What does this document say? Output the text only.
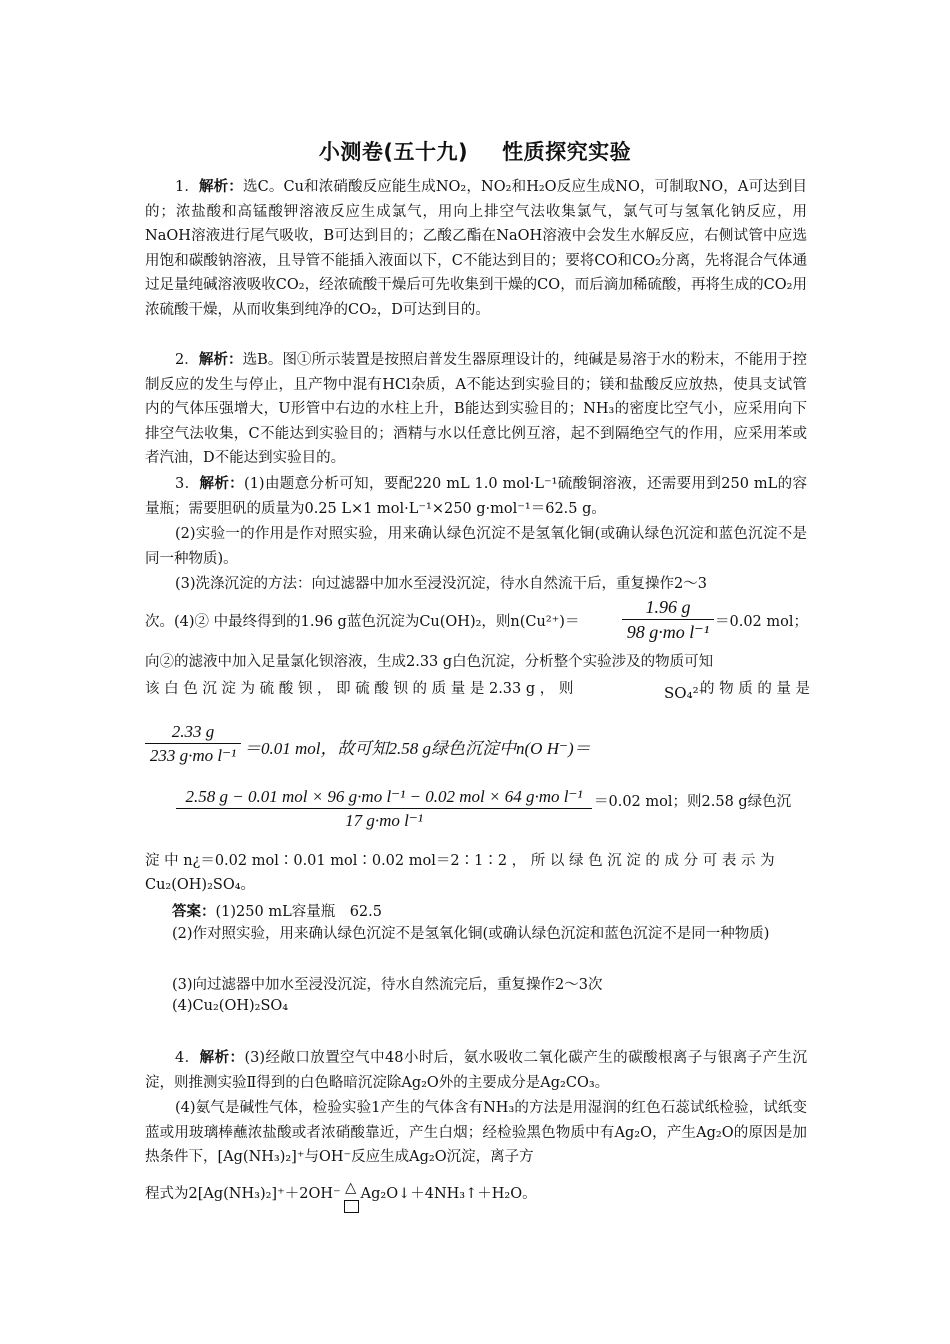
小测卷(五十九) 性质探究实验
1．解析：选C。Cu和浓硝酸反应能生成NO₂，NO₂和H₂O反应生成NO，可制取NO，A可达到目的；浓盐酸和高锰酸钾溶液反应生成氯气，用向上排空气法收集氯气，氯气可与氢氧化钠反应，用NaOH溶液进行尾气吸收，B可达到目的；乙酸乙酯在NaOH溶液中会发生水解反应，右侧试管中应选用饱和碳酸钠溶液，且导管不能插入液面以下，C不能达到目的；要将CO和CO₂分离，先将混合气体通过足量纯碱溶液吸收CO₂，经浓硫酸干燥后可先收集到干燥的CO，而后滴加稀硫酸，再将生成的CO₂用浓硫酸干燥，从而收集到纯净的CO₂，D可达到目的。
2．解析：选B。图①所示装置是按照启普发生器原理设计的，纯碱是易溶于水的粉末，不能用于控制反应的发生与停止，且产物中混有HCl杂质，A不能达到实验目的；镁和盐酸反应放热，使具支试管内的气体压强增大，U形管中右边的水柱上升，B能达到实验目的；NH₃的密度比空气小，应采用向下排空气法收集，C不能达到实验目的；酒精与水以任意比例互溶，起不到隔绝空气的作用，应采用苯或者汽油，D不能达到实验目的。
3．解析：(1)由题意分析可知，要配220 mL 1.0 mol·L⁻¹硫酸铜溶液，还需要用到250 mL的容量瓶；需要胆矾的质量为0.25 L×1 mol·L⁻¹×250 g·mol⁻¹＝62.5 g。
(2)实验一的作用是作对照实验，用来确认绿色沉淀不是氢氧化铜(或确认绿色沉淀和蓝色沉淀不是同一种物质)。
(3)洗涤沉淀的方法：向过滤器中加水至浸没沉淀，待水自然流干后，重复操作2～3
次。(4)② 中最终得到的1.96 g蓝色沉淀为Cu(OH)₂，则$n(Cu^{2+})= \frac{1.96 g}{\text{98 g·mo l⁻¹}} =0.02$ mol；
向②的滤液中加入足量氯化钡溶液，生成2.33 g白色沉淀，分析整个实验涉及的物质可知
该 白 色 沉 淀 为 硫 酸 钡 ， 即 硫 酸 钡 的 质 量 是 2.33 g ， 则	SO₄²⁻
的 物 质 的 量 是
$\frac{2.33 g}{\text{233 g·mo l⁻¹}} =0.01$ mol，故可知2.58 g绿色沉淀中n(O H⁻)＝
2.58 g − 0.01 mol × 96 g·mo l⁻¹ − 0.02 mol × 64 g·mo l⁻¹
17 g·mo l⁻¹
＝0.02 mol；则2.58 g绿色沉
淀 中 n¿＝0.02 mol∶0.01 mol∶0.02 mol＝2∶1∶2 ， 所 以 绿 色 沉 淀 的 成 分 可 表 示 为
Cu₂(OH)₂SO₄。
答案：(1)250 mL容量瓶　62.5
(2)作对照实验，用来确认绿色沉淀不是氢氧化铜(或确认绿色沉淀和蓝色沉淀不是同一种物质)
(3)向过滤器中加水至浸没沉淀，待水自然流完后，重复操作2～3次
(4)Cu₂(OH)₂SO₄
4．解析：(3)经敞口放置空气中48小时后，氨水吸收二氧化碳产生的碳酸根离子与银离子产生沉淀，则推测实验Ⅱ得到的白色略暗沉淀除Ag₂O外的主要成分是Ag₂CO₃。
(4)氨气是碱性气体，检验实验1产生的气体含有NH₃的方法是用湿润的红色石蕊试纸检验，试纸变蓝或用玻璃棒蘸浓盐酸或者浓硝酸靠近，产生白烟；经检验黑色物质中有Ag₂O，产生Ag₂O的原因是加热条件下，[Ag(NH₃)₂]⁺与OH⁻反应生成Ag₂O沉淀，离子方
程式为2[Ag(NH₃)₂]⁺＋2OH⁻ △ Ag₂O↓＋4NH₃↑＋H₂O。
